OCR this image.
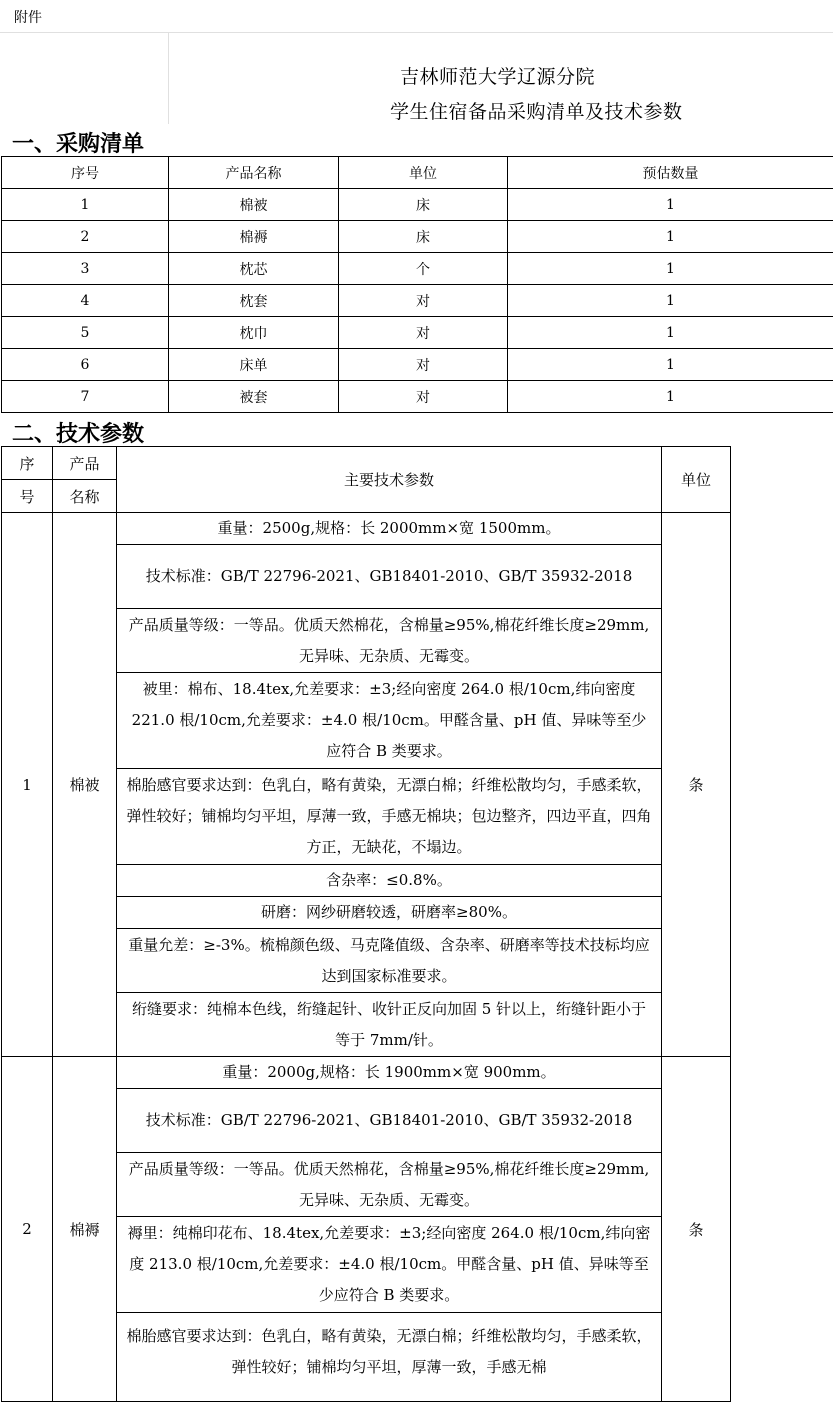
附件
吉林师范大学辽源分院
学生住宿备品采购清单及技术参数
一、采购清单
序号	产品名称	单位	预估数量
1	棉被	床	1
2	棉褥	床	1
3	枕芯	个	1
4	枕套	对	1
5	枕巾	对	1
6	床单	对	1
7	被套	对	1
二、技术参数
序	产品	主要技术参数	单位
号	名称		
1	棉被	重量：2500g,规格：长 2000mm×宽 1500mm。	条
		技术标准：GB/T 22796-2021、GB18401-2010、GB/T 35932-2018	
		产品质量等级：一等品。优质天然棉花，含棉量≥95%,棉花纤维长度≥29mm,无异味、无杂质、无霉变。	
		被里：棉布、18.4tex,允差要求：±3;经向密度 264.0 根/10cm,纬向密度 221.0 根/10cm,允差要求：±4.0 根/10cm。甲醛含量、pH 值、异味等至少应符合 B 类要求。	
		棉胎感官要求达到：色乳白，略有黄染，无漂白棉；纤维松散均匀，手感柔软，弹性较好；铺棉均匀平坦，厚薄一致，手感无棉块；包边整齐，四边平直，四角方正，无缺花，不塌边。	
		含杂率：≤0.8%。	
		研磨：网纱研磨较透，研磨率≥80%。	
		重量允差：≥-3%。梳棉颜色级、马克隆值级、含杂率、研磨率等技术技标均应达到国家标准要求。	
		绗缝要求：纯棉本色线，绗缝起针、收针正反向加固 5 针以上，绗缝针距小于等于 7mm/针。	
2	棉褥	重量：2000g,规格：长 1900mm×宽 900mm。	条
		技术标准：GB/T 22796-2021、GB18401-2010、GB/T 35932-2018	
		产品质量等级：一等品。优质天然棉花，含棉量≥95%,棉花纤维长度≥29mm,无异味、无杂质、无霉变。	
		褥里：纯棉印花布、18.4tex,允差要求：±3;经向密度 264.0 根/10cm,纬向密度 213.0 根/10cm,允差要求：±4.0 根/10cm。甲醛含量、pH 值、异味等至少应符合 B 类要求。	
		棉胎感官要求达到：色乳白，略有黄染，无漂白棉；纤维松散均匀，手感柔软，弹性较好；铺棉均匀平坦，厚薄一致，手感无棉	
